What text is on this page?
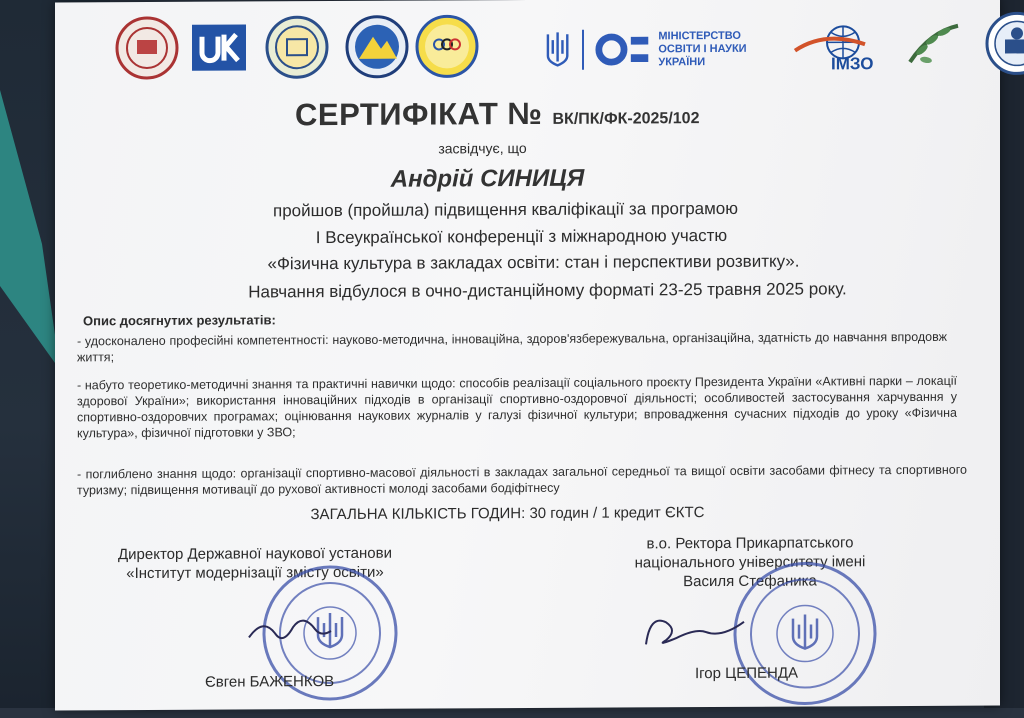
МІНІСТЕРСТВО
ОСВІТИ І НАУКИ
УКРАЇНИ	ІМЗО
СЕРТИФІКАТ № ВК/ПК/ФК-2025/102
засвідчує, що
Андрій СИНИЦЯ
пройшов (пройшла) підвищення кваліфікації за програмою
І Всеукраїнської конференції з міжнародною участю
«Фізична культура в закладах освіти: стан і перспективи розвитку».
Навчання відбулося в очно-дистанційному форматі 23-25 травня 2025 року.
Опис досягнутих результатів:
- удосконалено професійні компетентності: науково-методична, інноваційна, здоров'язбережувальна, організаційна, здатність до навчання впродовж життя;
- набуто теоретико-методичні знання та практичні навички щодо: способів реалізації соціального проєкту Президента України «Активні парки – локації здорової України»; використання інноваційних підходів в організації спортивно-оздоровчої діяльності; особливостей застосування харчування у спортивно-оздоровчих програмах; оцінювання наукових журналів у галузі фізичної культури; впровадження сучасних підходів до уроку «Фізична культура», фізичної підготовки у ЗВО;
- поглиблено знання щодо: організації спортивно-масової діяльності в закладах загальної середньої та вищої освіти засобами фітнесу та спортивного туризму; підвищення мотивації до рухової активності молоді засобами бодіфітнесу
ЗАГАЛЬНА КІЛЬКІСТЬ ГОДИН: 30 годин / 1 кредит ЄКТС
Директор Державної наукової установи
«Інститут модернізації змісту освіти»
в.о. Ректора Прикарпатського
національного університету імені
Василя Стефаника
Євген БАЖЕНКОВ	Ігор ЦЕПЕНДА
